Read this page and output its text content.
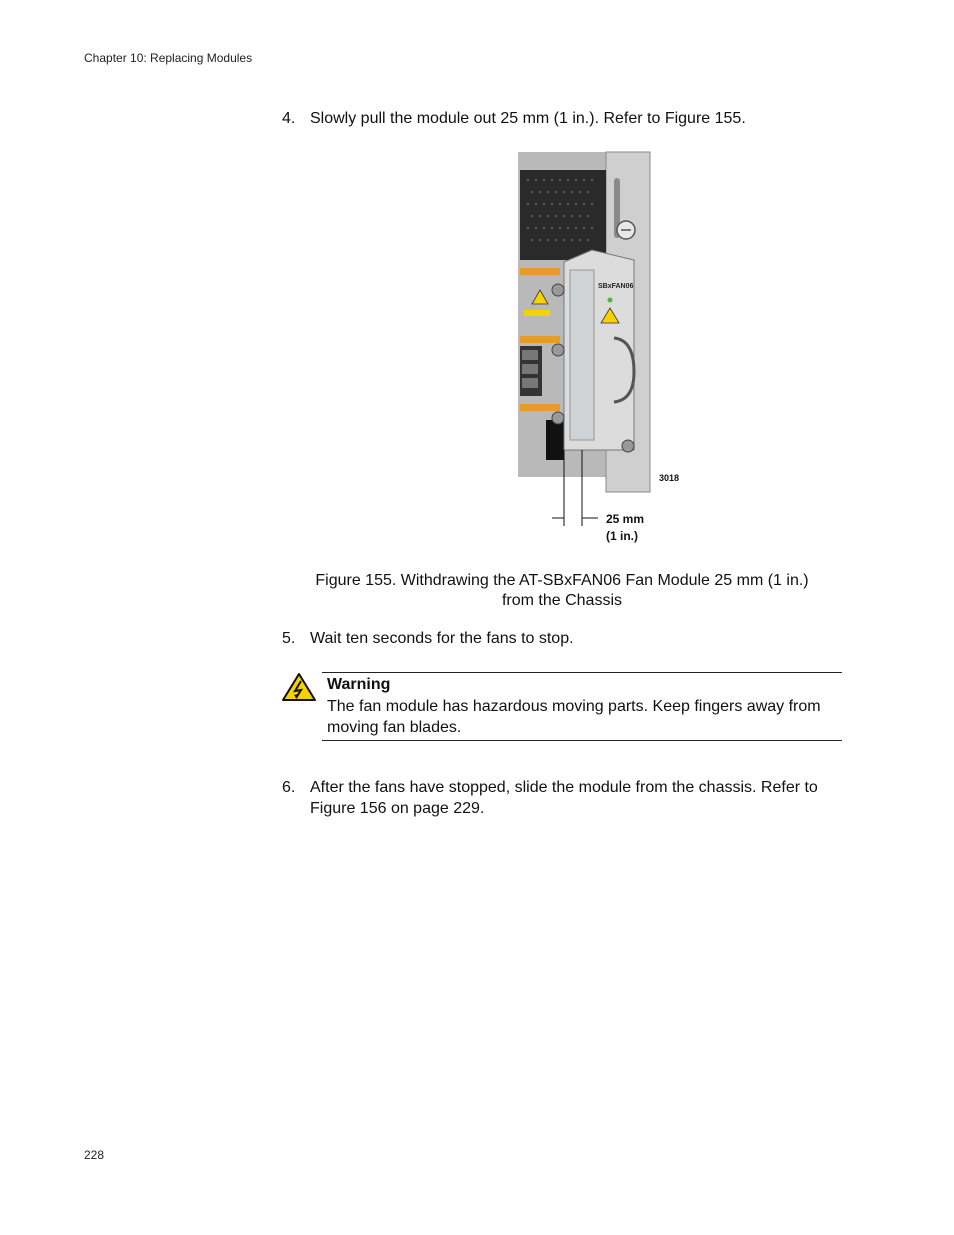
Chapter 10: Replacing Modules
4. Slowly pull the module out 25 mm (1 in.). Refer to Figure 155.
SBxFAN06
3018
25 mm
(1 in.)
Figure 155. Withdrawing the AT-SBxFAN06 Fan Module 25 mm (1 in.)
from the Chassis
5. Wait ten seconds for the fans to stop.
Warning
The fan module has hazardous moving parts. Keep fingers away from moving fan blades.
6. After the fans have stopped, slide the module from the chassis. Refer to Figure 156 on page 229.
228
